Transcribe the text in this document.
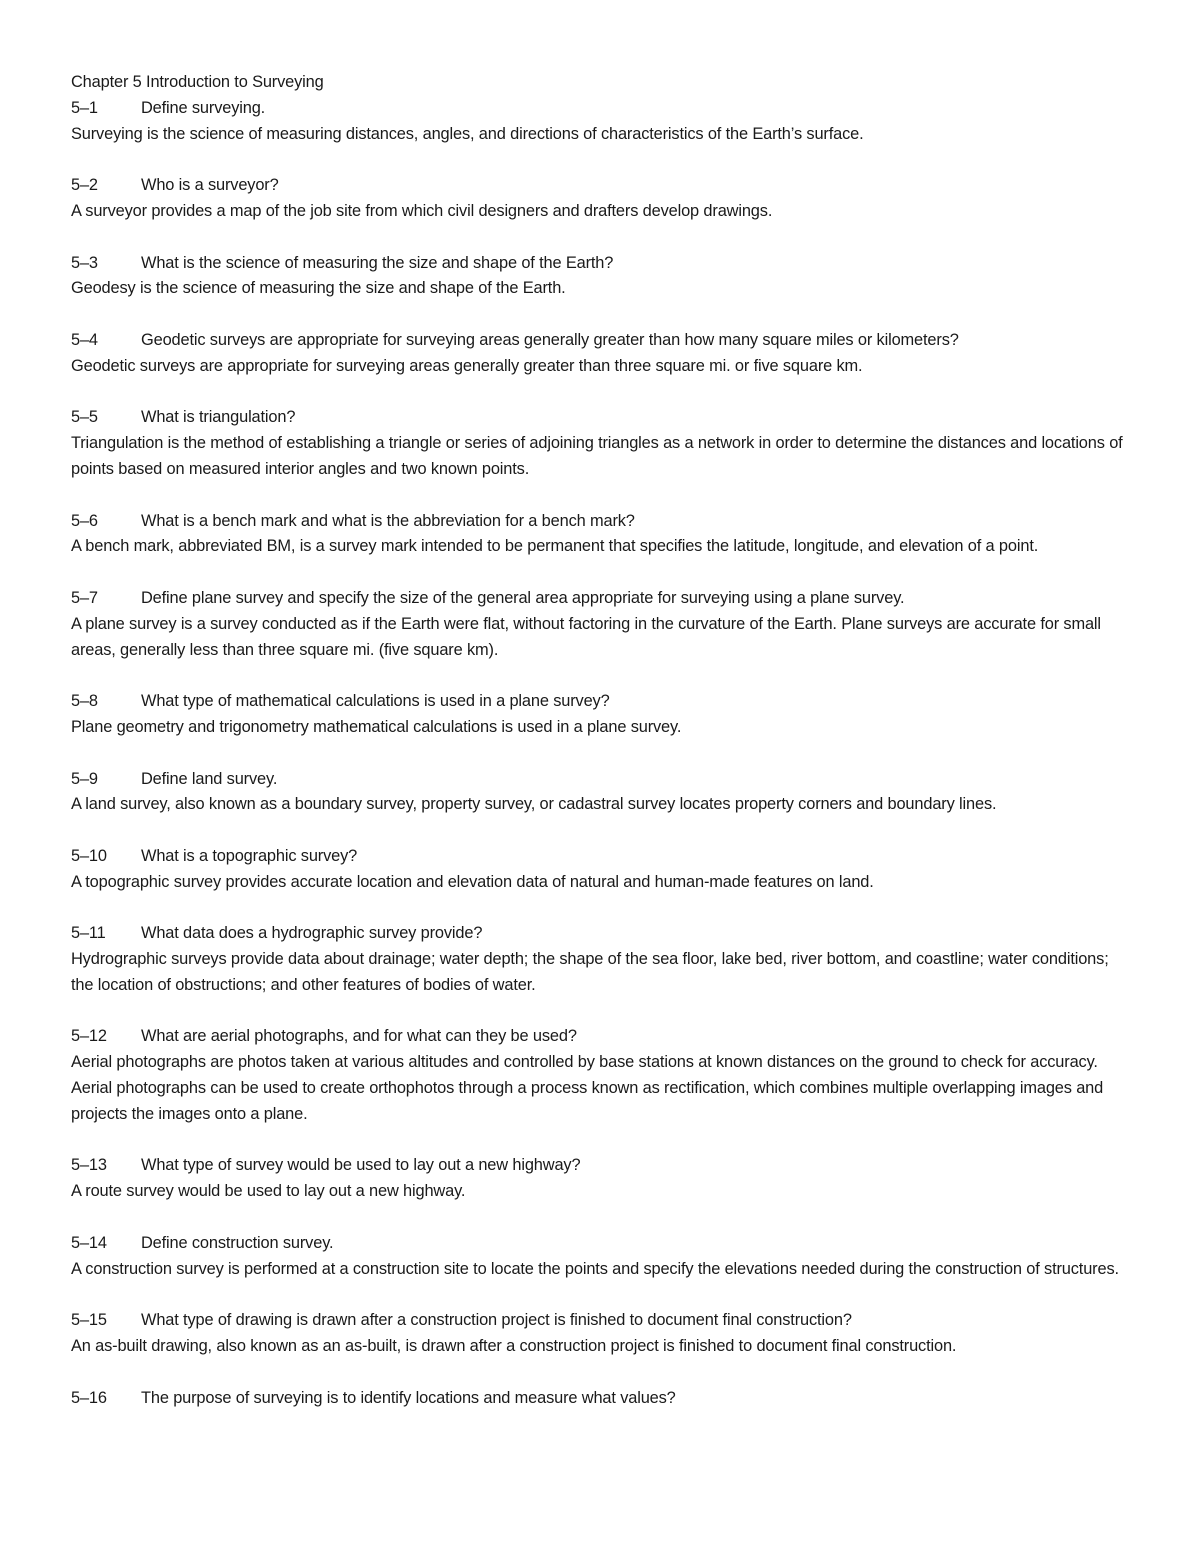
Chapter 5 Introduction to Surveying

5–1	Define surveying.

Surveying is the science of measuring distances, angles, and directions of characteristics of the Earth’s surface.

5–2	Who is a surveyor?

A surveyor provides a map of the job site from which civil designers and drafters develop drawings.

5–3	What is the science of measuring the size and shape of the Earth?

Geodesy is the science of measuring the size and shape of the Earth.

5–4	Geodetic surveys are appropriate for surveying areas generally greater than how many square miles or kilometers?

Geodetic surveys are appropriate for surveying areas generally greater than three square mi. or five square km.

5–5	What is triangulation?

Triangulation is the method of establishing a triangle or series of adjoining triangles as a network in order to determine the distances and locations of points based on measured interior angles and two known points.

5–6	What is a bench mark and what is the abbreviation for a bench mark?

A bench mark, abbreviated BM, is a survey mark intended to be permanent that specifies the latitude, longitude, and elevation of a point.

5–7	Define plane survey and specify the size of the general area appropriate for surveying using a plane survey.

A plane survey is a survey conducted as if the Earth were flat, without factoring in the curvature of the Earth. Plane surveys are accurate for small areas, generally less than three square mi. (five square km).

5–8	What type of mathematical calculations is used in a plane survey?

Plane geometry and trigonometry mathematical calculations is used in a plane survey.

5–9	Define land survey.

A land survey, also known as a boundary survey, property survey, or cadastral survey locates property corners and boundary lines.

5–10	What is a topographic survey?

A topographic survey provides accurate location and elevation data of natural and human-made features on land.

5–11	What data does a hydrographic survey provide?

Hydrographic surveys provide data about drainage; water depth; the shape of the sea floor, lake bed, river bottom, and coastline; water conditions; the location of obstructions; and other features of bodies of water.

5–12	What are aerial photographs, and for what can they be used?

Aerial photographs are photos taken at various altitudes and controlled by base stations at known distances on the ground to check for accuracy. Aerial photographs can be used to create orthophotos through a process known as rectification, which combines multiple overlapping images and projects the images onto a plane.

5–13	What type of survey would be used to lay out a new highway?

A route survey would be used to lay out a new highway.

5–14	Define construction survey.

A construction survey is performed at a construction site to locate the points and specify the elevations needed during the construction of structures.

5–15	What type of drawing is drawn after a construction project is finished to document final construction?

An as-built drawing, also known as an as-built, is drawn after a construction project is finished to document final construction.

5–16	The purpose of surveying is to identify locations and measure what values?
